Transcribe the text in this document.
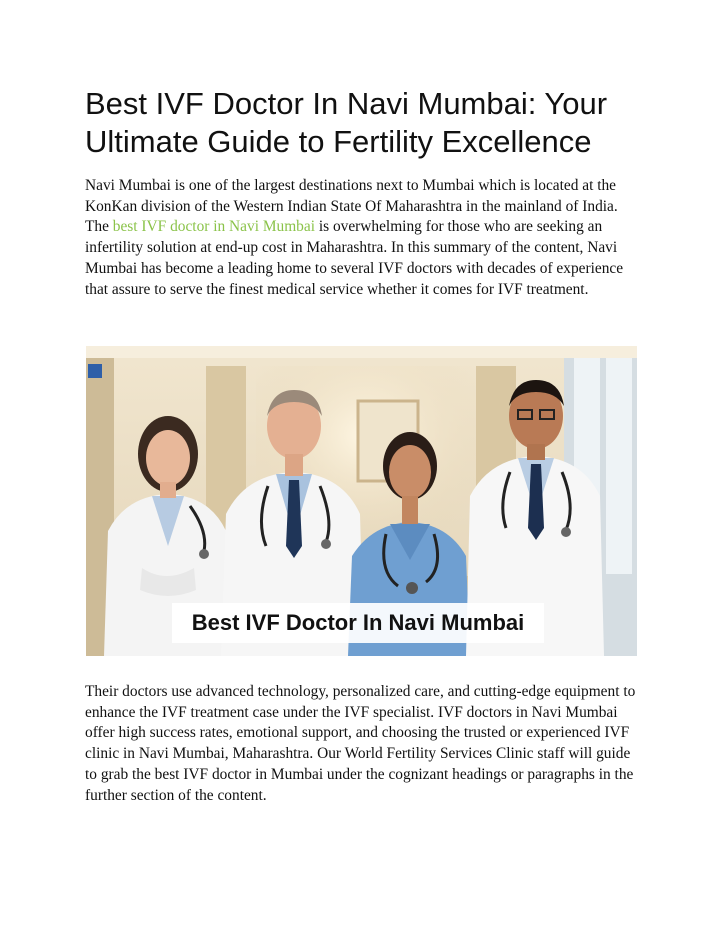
Best IVF Doctor In Navi Mumbai: Your Ultimate Guide to Fertility Excellence

Navi Mumbai is one of the largest destinations next to Mumbai which is located at the KonKan division of the Western Indian State Of Maharashtra in the mainland of India. The best IVF doctor in Navi Mumbai is overwhelming for those who are seeking an infertility solution at end-up cost in Maharashtra. In this summary of the content, Navi Mumbai has become a leading home to several IVF doctors with decades of experience that assure to serve the finest medical service whether it comes for IVF treatment.

Best IVF Doctor In Navi Mumbai

Their doctors use advanced technology, personalized care, and cutting-edge equipment to enhance the IVF treatment case under the IVF specialist. IVF doctors in Navi Mumbai offer high success rates, emotional support, and choosing the trusted or experienced IVF clinic in Navi Mumbai, Maharashtra. Our World Fertility Services Clinic staff will guide to grab the best IVF doctor in Mumbai under the cognizant headings or paragraphs in the further section of the content.
